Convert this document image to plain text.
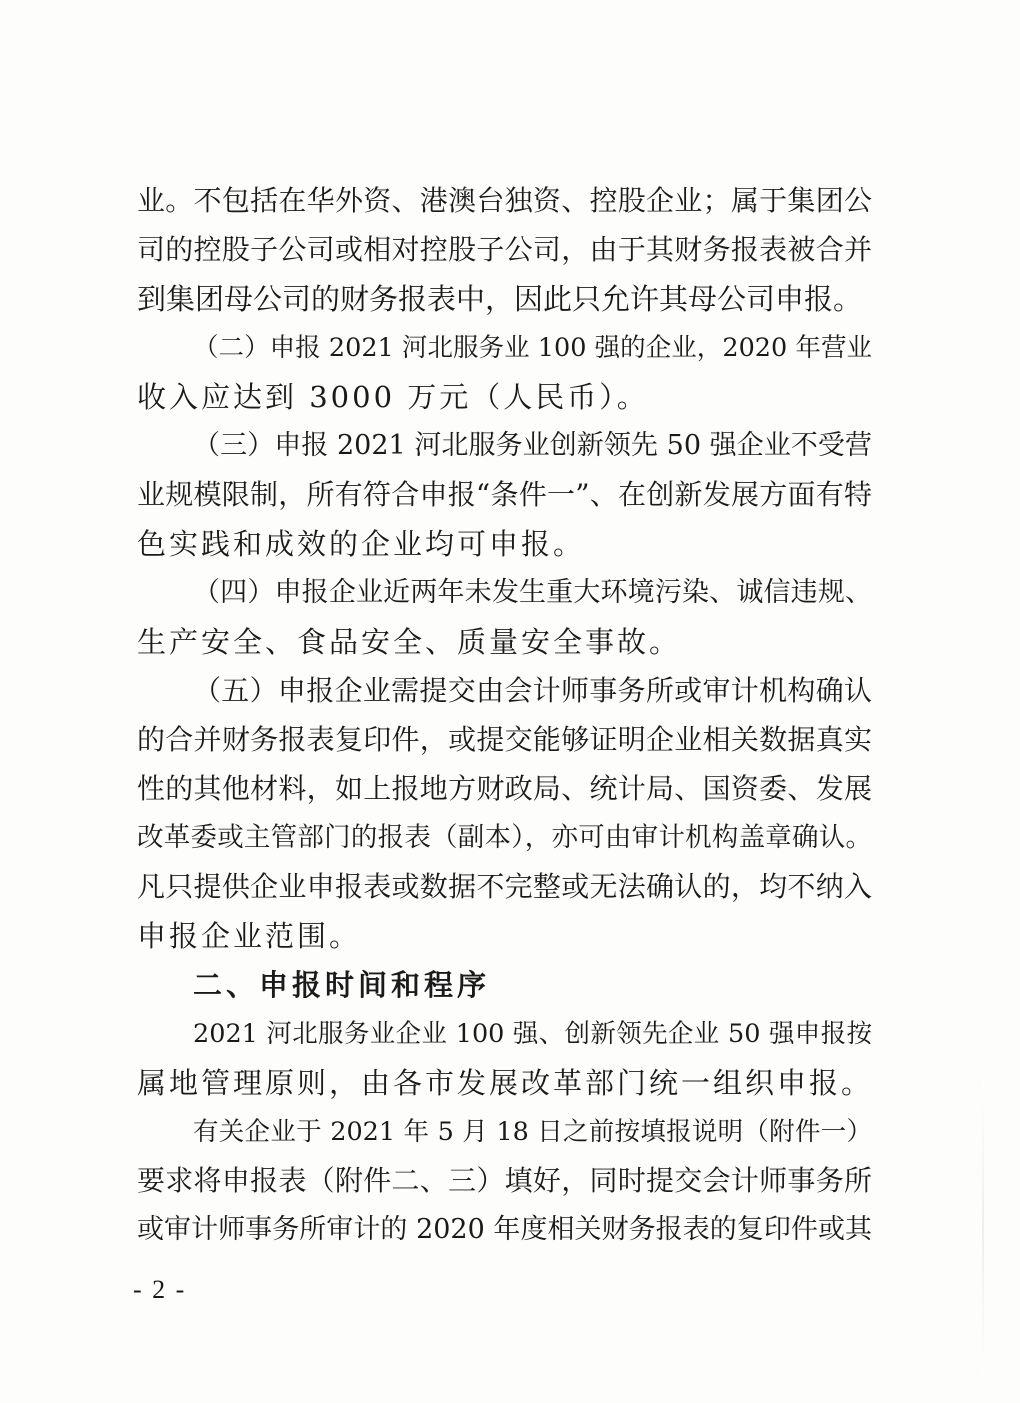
业。不包括在华外资、港澳台独资、控股企业；属于集团公
司的控股子公司或相对控股子公司，由于其财务报表被合并
到集团母公司的财务报表中，因此只允许其母公司申报。
（二）申报 2021 河北服务业 100 强的企业，2020 年营业
收入应达到 3000 万元（人民币）。
（三）申报 2021 河北服务业创新领先 50 强企业不受营
业规模限制，所有符合申报“条件一”、在创新发展方面有特
色实践和成效的企业均可申报。
（四）申报企业近两年未发生重大环境污染、诚信违规、
生产安全、食品安全、质量安全事故。
（五）申报企业需提交由会计师事务所或审计机构确认
的合并财务报表复印件，或提交能够证明企业相关数据真实
性的其他材料，如上报地方财政局、统计局、国资委、发展
改革委或主管部门的报表（副本），亦可由审计机构盖章确认。
凡只提供企业申报表或数据不完整或无法确认的，均不纳入
申报企业范围。
二、申报时间和程序
2021 河北服务业企业 100 强、创新领先企业 50 强申报按
属地管理原则，由各市发展改革部门统一组织申报。
有关企业于 2021 年 5 月 18 日之前按填报说明（附件一）
要求将申报表（附件二、三）填好，同时提交会计师事务所
或审计师事务所审计的 2020 年度相关财务报表的复印件或其
- 2 -
